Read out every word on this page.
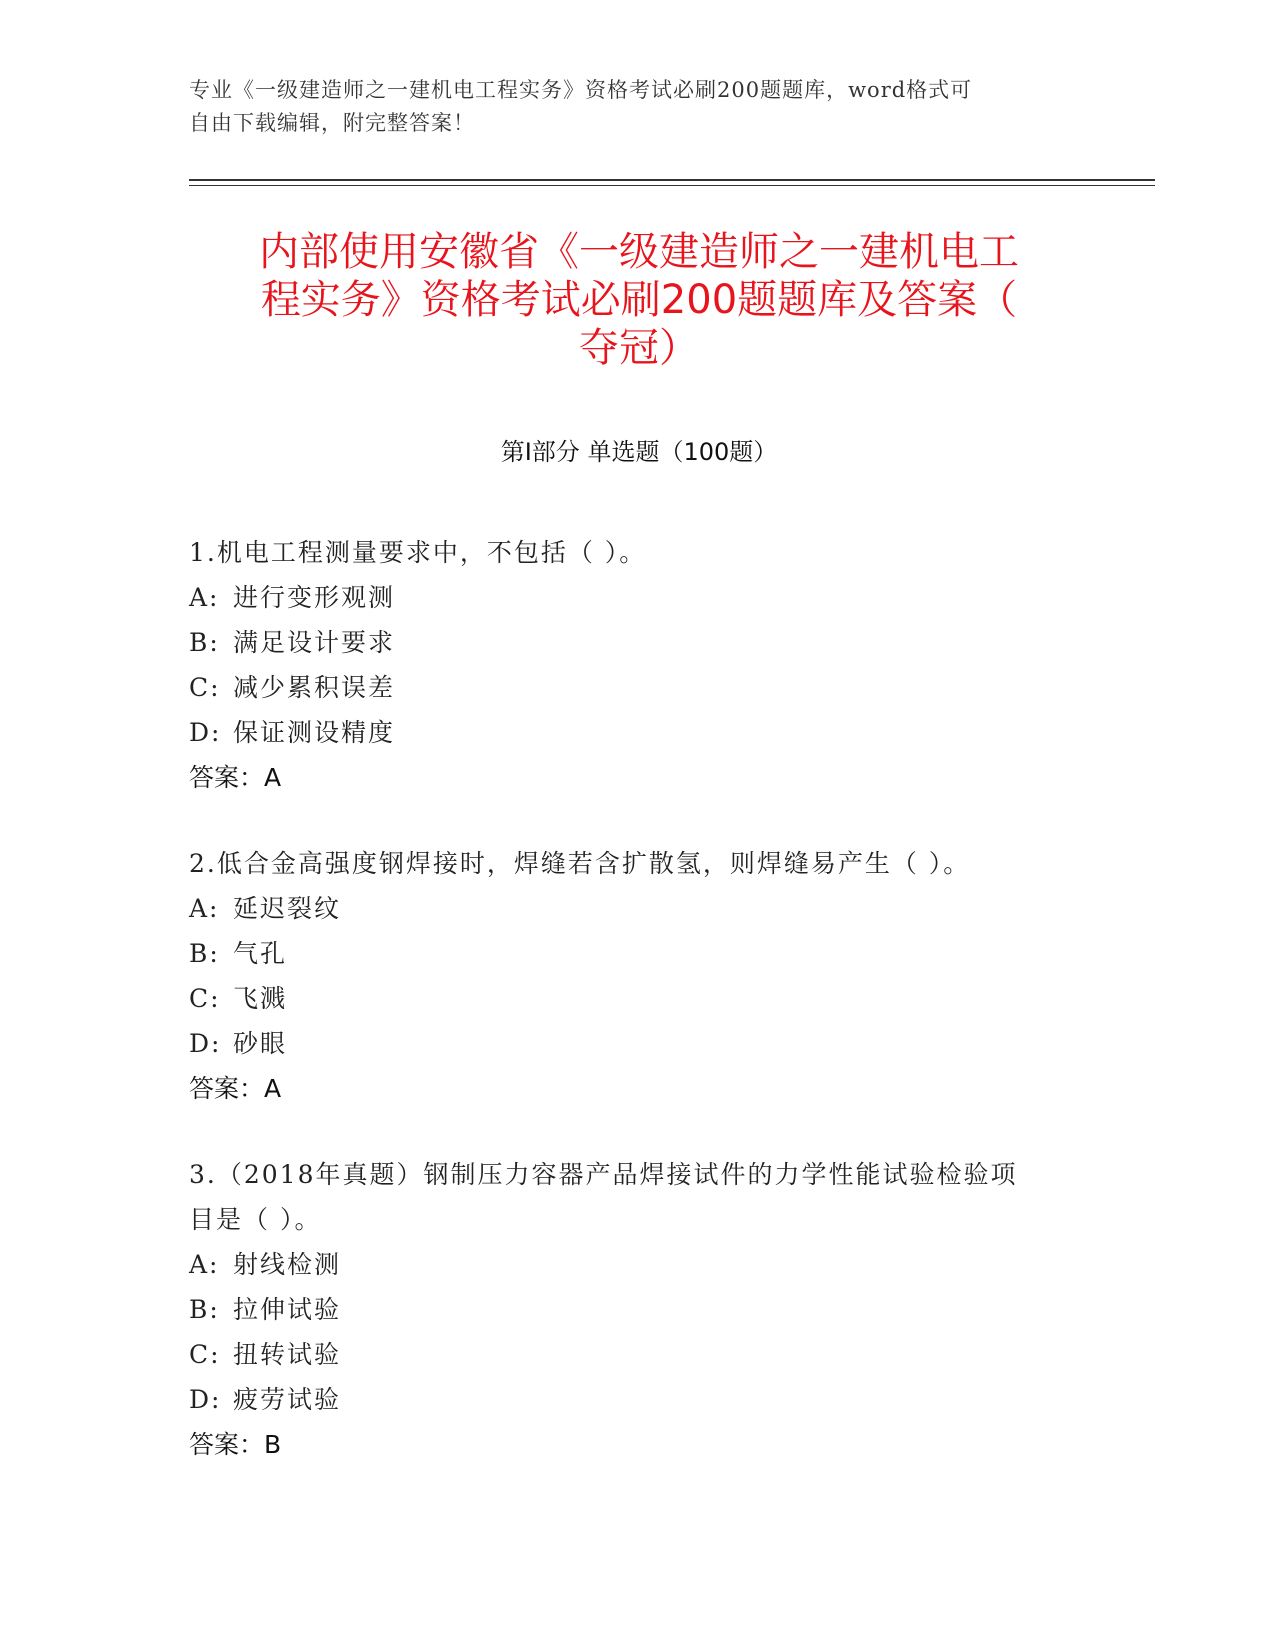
专业《一级建造师之一建机电工程实务》资格考试必刷200题题库，word格式可
自由下载编辑，附完整答案！
内部使用安徽省《一级建造师之一建机电工
程实务》资格考试必刷200题题库及答案（
夺冠）
第Ⅰ部分 单选题（100题）
1.机电工程测量要求中，不包括（ ）。
A: 进行变形观测
B: 满足设计要求
C: 减少累积误差
D: 保证测设精度
答案：A
2.低合金高强度钢焊接时，焊缝若含扩散氢，则焊缝易产生（ ）。
A: 延迟裂纹
B: 气孔
C: 飞溅
D: 砂眼
答案：A
3.（2018年真题）钢制压力容器产品焊接试件的力学性能试验检验项
目是（ ）。
A: 射线检测
B: 拉伸试验
C: 扭转试验
D: 疲劳试验
答案：B
